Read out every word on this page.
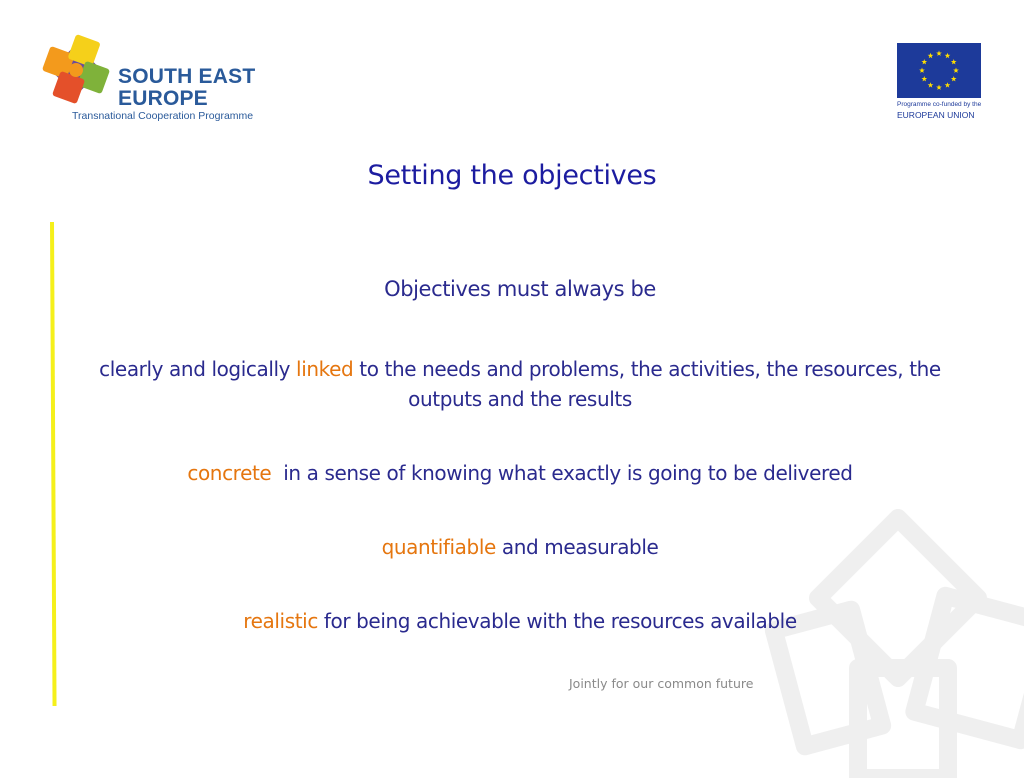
SOUTH EAST
EUROPE
Transnational Cooperation Programme
Programme co-funded by the
EUROPEAN UNION
Setting the objectives
Objectives must always be
clearly and logically linked to the needs and problems, the activities, the resources, the outputs and the results
concrete  in a sense of knowing what exactly is going to be delivered
quantifiable and measurable
realistic for being achievable with the resources available
Jointly for our common future
